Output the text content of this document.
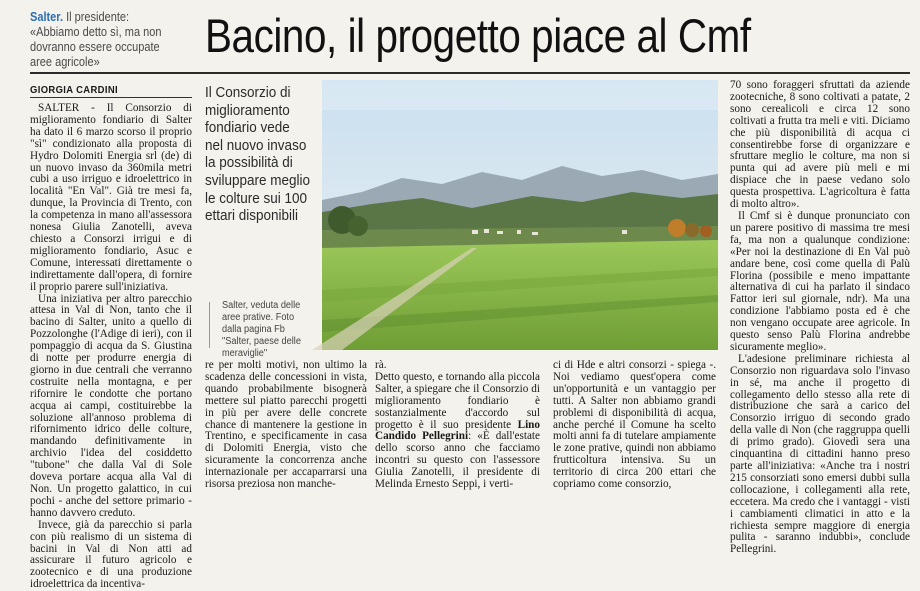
Salter. Il presidente: «Abbiamo detto sì, ma non dovranno essere occupate aree agricole»	Bacino, il progetto piace al Cmf
GIORGIA CARDINI

SALTER - Il Consorzio di miglioramento fondiario di Salter ha dato il 6 marzo scorso il proprio "sì" condizionato alla proposta di Hydro Dolomiti Energia srl (de) di un nuovo invaso da 360mila metri cubi a uso irriguo e idroelettrico in località "En Val". Già tre mesi fa, dunque, la Provincia di Trento, con la competenza in mano all'assessora nonesa Giulia Zanotelli, aveva chiesto a Consorzi irrigui e di miglioramento fondiario, Asuc e Comune, interessati direttamente o indirettamente dall'opera, di fornire il proprio parere sull'iniziativa.

Una iniziativa per altro parecchio attesa in Val di Non, tanto che il bacino di Salter, unito a quello di Pozzolonghe (l'Adige di ieri), con il pompaggio di acqua da S. Giustina di notte per produrre energia di giorno in due centrali che verranno costruite nella montagna, e per rifornire le condotte che portano acqua ai campi, costituirebbe la soluzione all'annoso problema di rifornimento idrico delle colture, mandando definitivamente in archivio l'idea del cosiddetto "tubone" che dalla Val di Sole doveva portare acqua alla Val di Non. Un progetto galattico, in cui pochi - anche del settore primario - hanno davvero creduto.

Invece, già da parecchio si parla con più realismo di un sistema di bacini in Val di Non atti ad assicurare il futuro agricolo e zootecnico e di una produzione idroelettrica da incentiva-

Il Consorzio di miglioramento fondiario vede nel nuovo invaso la possibilità di sviluppare meglio le colture sui 100 ettari disponibili
Salter, veduta delle aree prative. Foto dalla pagina Fb "Salter, paese delle meraviglie"

re per molti motivi, non ultimo la scadenza delle concessioni in vista, quando probabilmente bisognerà mettere sul piatto parecchi progetti in più per avere delle concrete chance di mantenere la gestione in Trentino, e specificamente in casa di Dolomiti Energia, visto che sicuramente la concorrenza anche internazionale per accaparrarsi una risorsa preziosa non manche-

rà.
Detto questo, e tornando alla piccola Salter, a spiegare che il Consorzio di miglioramento fondiario è sostanzialmente d'accordo sul progetto è il suo presidente Lino Candido Pellegrini: «È dall'estate dello scorso anno che facciamo incontri su questo con l'assessore Giulia Zanotelli, il presidente di Melinda Ernesto Seppi, i verti-

ci di Hde e altri consorzi - spiega -. Noi vediamo quest'opera come un'opportunità e un vantaggio per tutti. A Salter non abbiamo grandi problemi di disponibilità di acqua, anche perché il Comune ha scelto molti anni fa di tutelare ampiamente le zone prative, quindi non abbiamo frutticoltura intensiva. Su un territorio di circa 200 ettari che copriamo come consorzio,

70 sono foraggeri sfruttati da aziende zootecniche, 8 sono coltivati a patate, 2 sono cerealicoli e circa 12 sono coltivati a frutta tra meli e viti. Diciamo che più disponibilità di acqua ci consentirebbe forse di organizzare e sfruttare meglio le colture, ma non si punta qui ad avere più meli e mi dispiace che in paese vedano solo questa prospettiva. L'agricoltura è fatta di molto altro».

Il Cmf si è dunque pronunciato con un parere positivo di massima tre mesi fa, ma non a qualunque condizione: «Per noi la destinazione di En Val può andare bene, così come quella di Palù Florina (possibile e meno impattante alternativa di cui ha parlato il sindaco Fattor ieri sul giornale, ndr). Ma una condizione l'abbiamo posta ed è che non vengano occupate aree agricole. In questo senso Palù Florina andrebbe sicuramente meglio».

L'adesione preliminare richiesta al Consorzio non riguardava solo l'invaso in sé, ma anche il progetto di collegamento dello stesso alla rete di distribuzione che sarà a carico del Consorzio irriguo di secondo grado della valle di Non (che raggruppa quelli di primo grado). Giovedì sera una cinquantina di cittadini hanno preso parte all'iniziativa: «Anche tra i nostri 215 consorziati sono emersi dubbi sulla collocazione, i collegamenti alla rete, eccetera. Ma credo che i vantaggi - visti i cambiamenti climatici in atto e la richiesta sempre maggiore di energia pulita - saranno indubbi», conclude Pellegrini.
